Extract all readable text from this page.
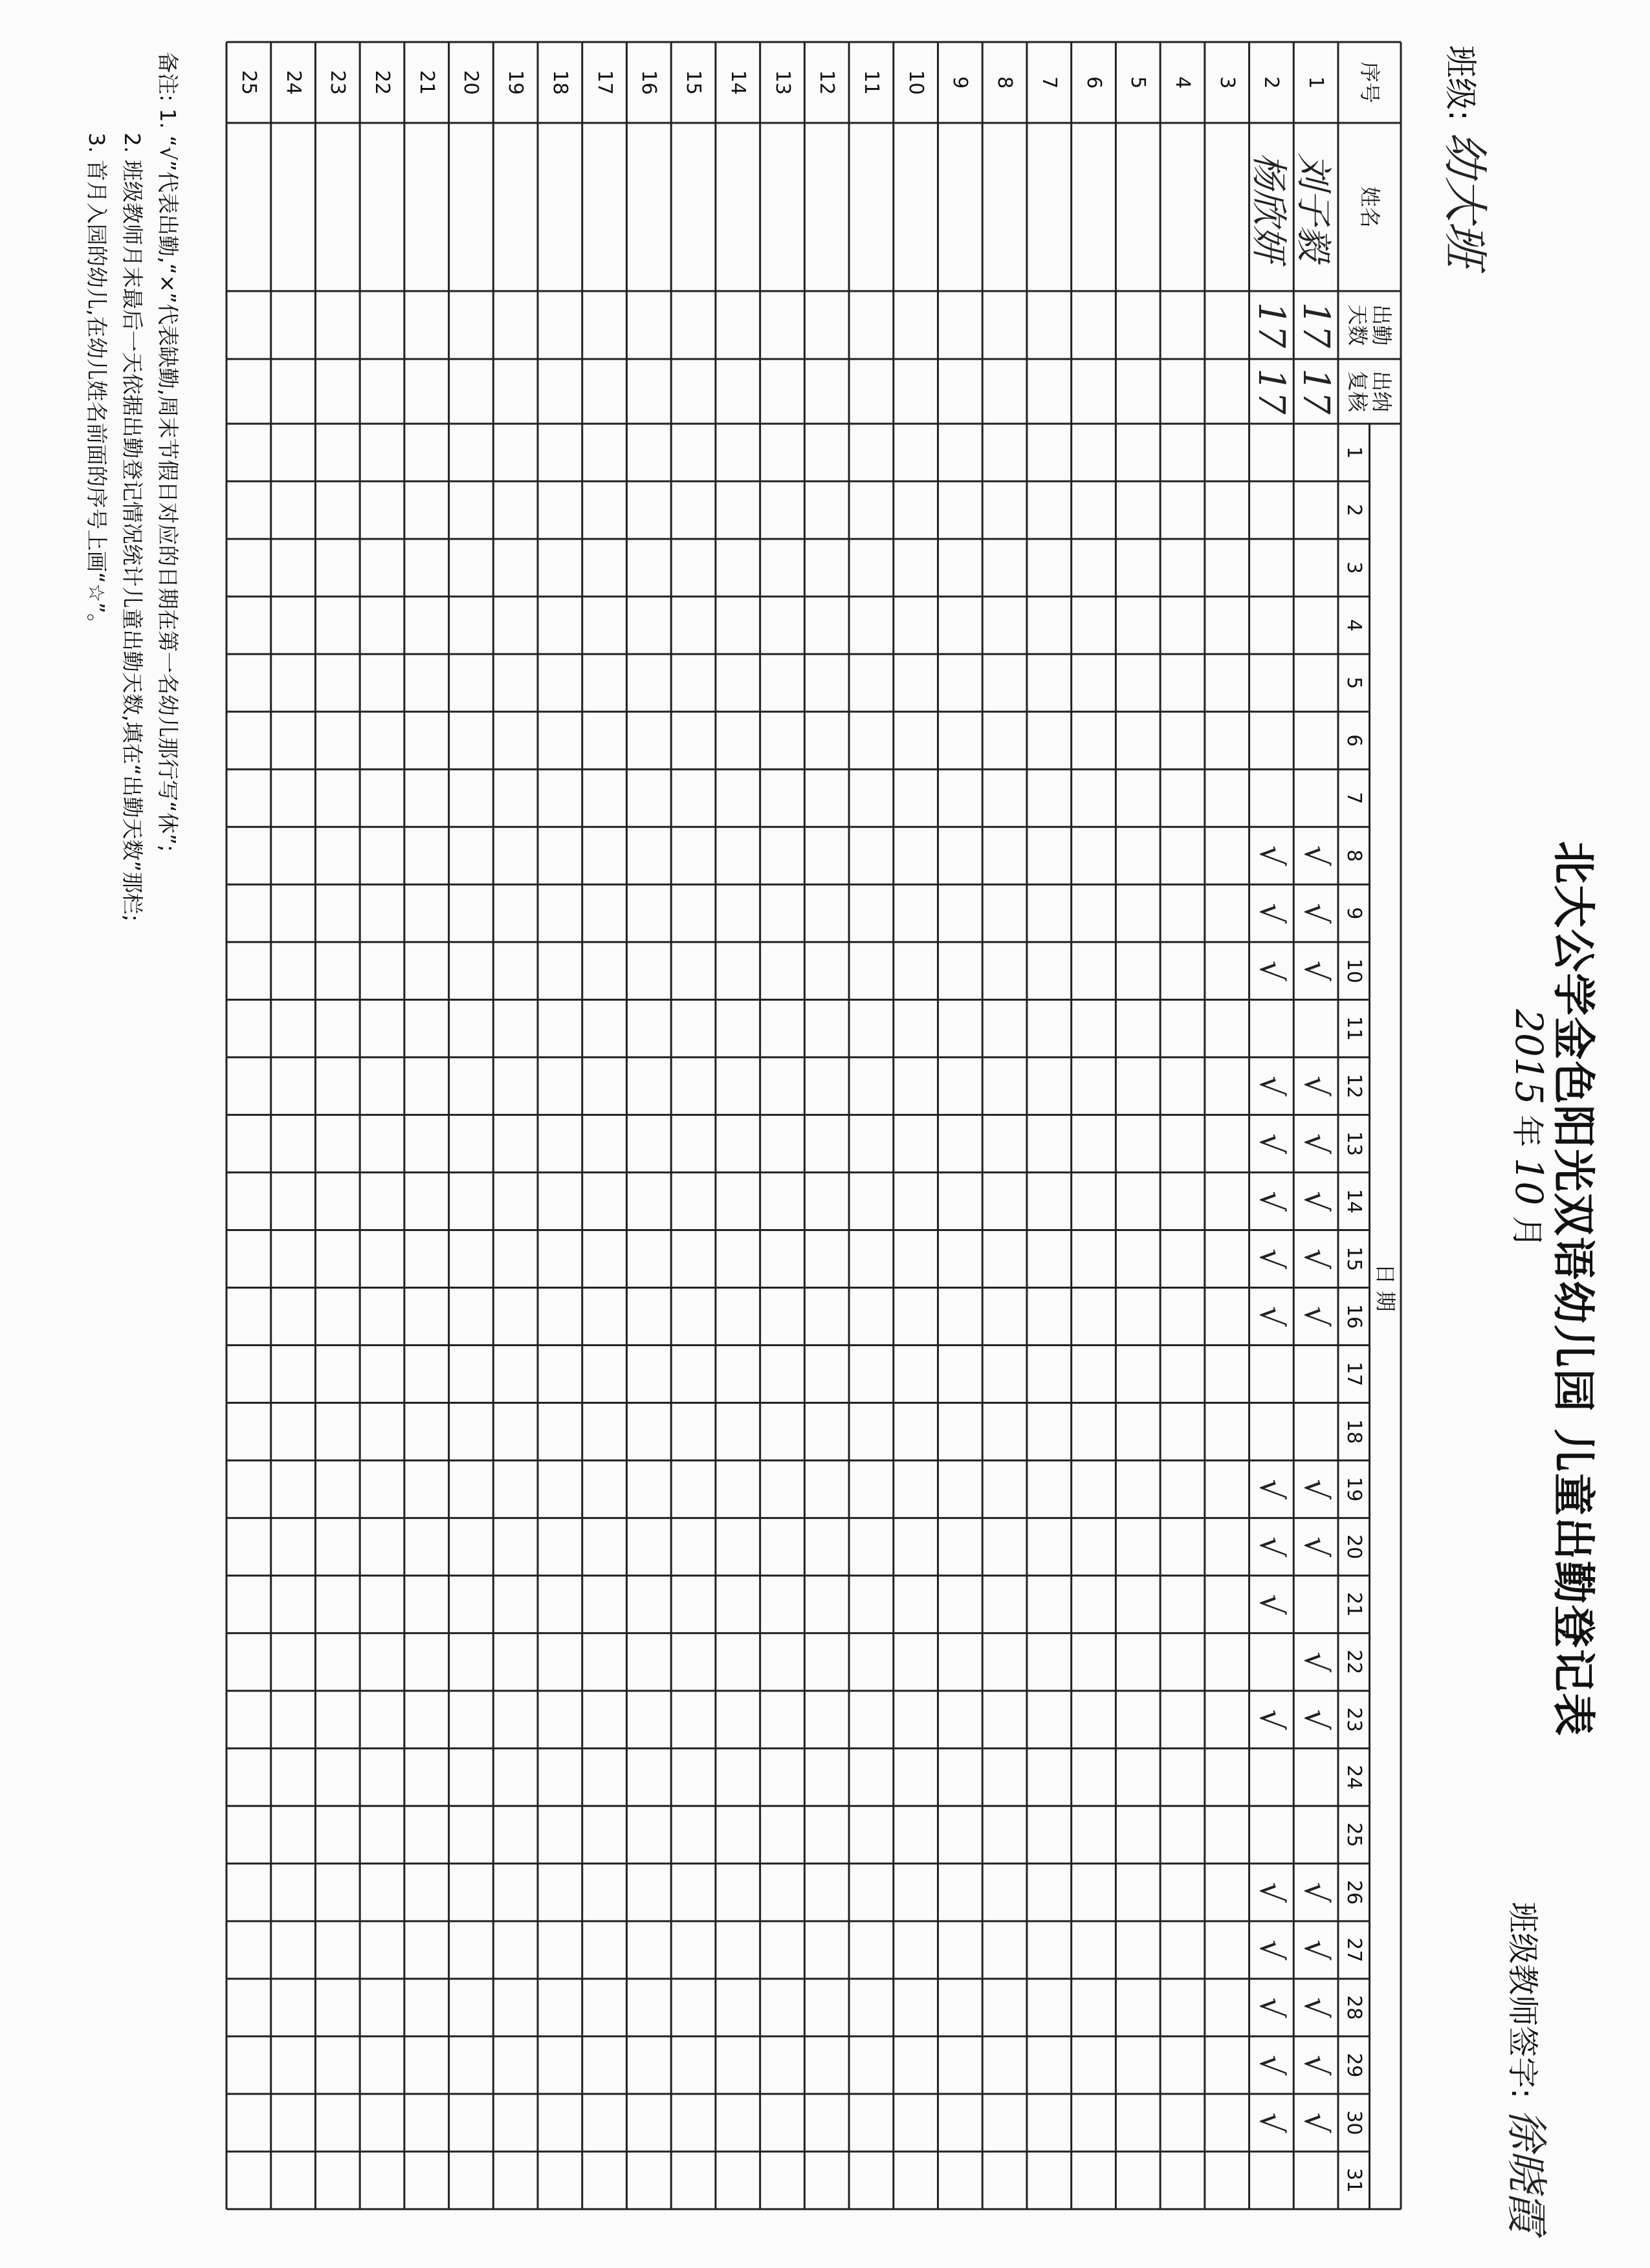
北大公学金色阳光双语幼儿园 儿童出勤登记表
2015 年 10 月
班级: 幼大班
班级教师签字: 徐晓霞
序号
姓名
出勤
天数
出纳
复核
日 期
1
2
3
4
5
6
7
8
9
10
11
12
13
14
15
16
17
18
19
20
21
22
23
24
25
26
27
28
29
30
31
1
2
3
4
5
6
7
8
9
10
11
12
13
14
15
16
17
18
19
20
21
22
23
24
25
刘子毅
17
17
√
√
√
√
√
√
√
√
√
√
√
√
√
√
√
√
√
杨欣妍
17
17
√
√
√
√
√
√
√
√
√
√
√
√
√
√
√
√
√
备注: 1. “√”代表出勤,“×”代表缺勤,周末节假日对应的日期在第一名幼儿那行写“休”;
2. 班级教师月末最后一天依据出勤登记情况统计儿童出勤天数,填在“出勤天数”那栏;
3. 首月入园的幼儿,在幼儿姓名前面的序号上画“☆”。
